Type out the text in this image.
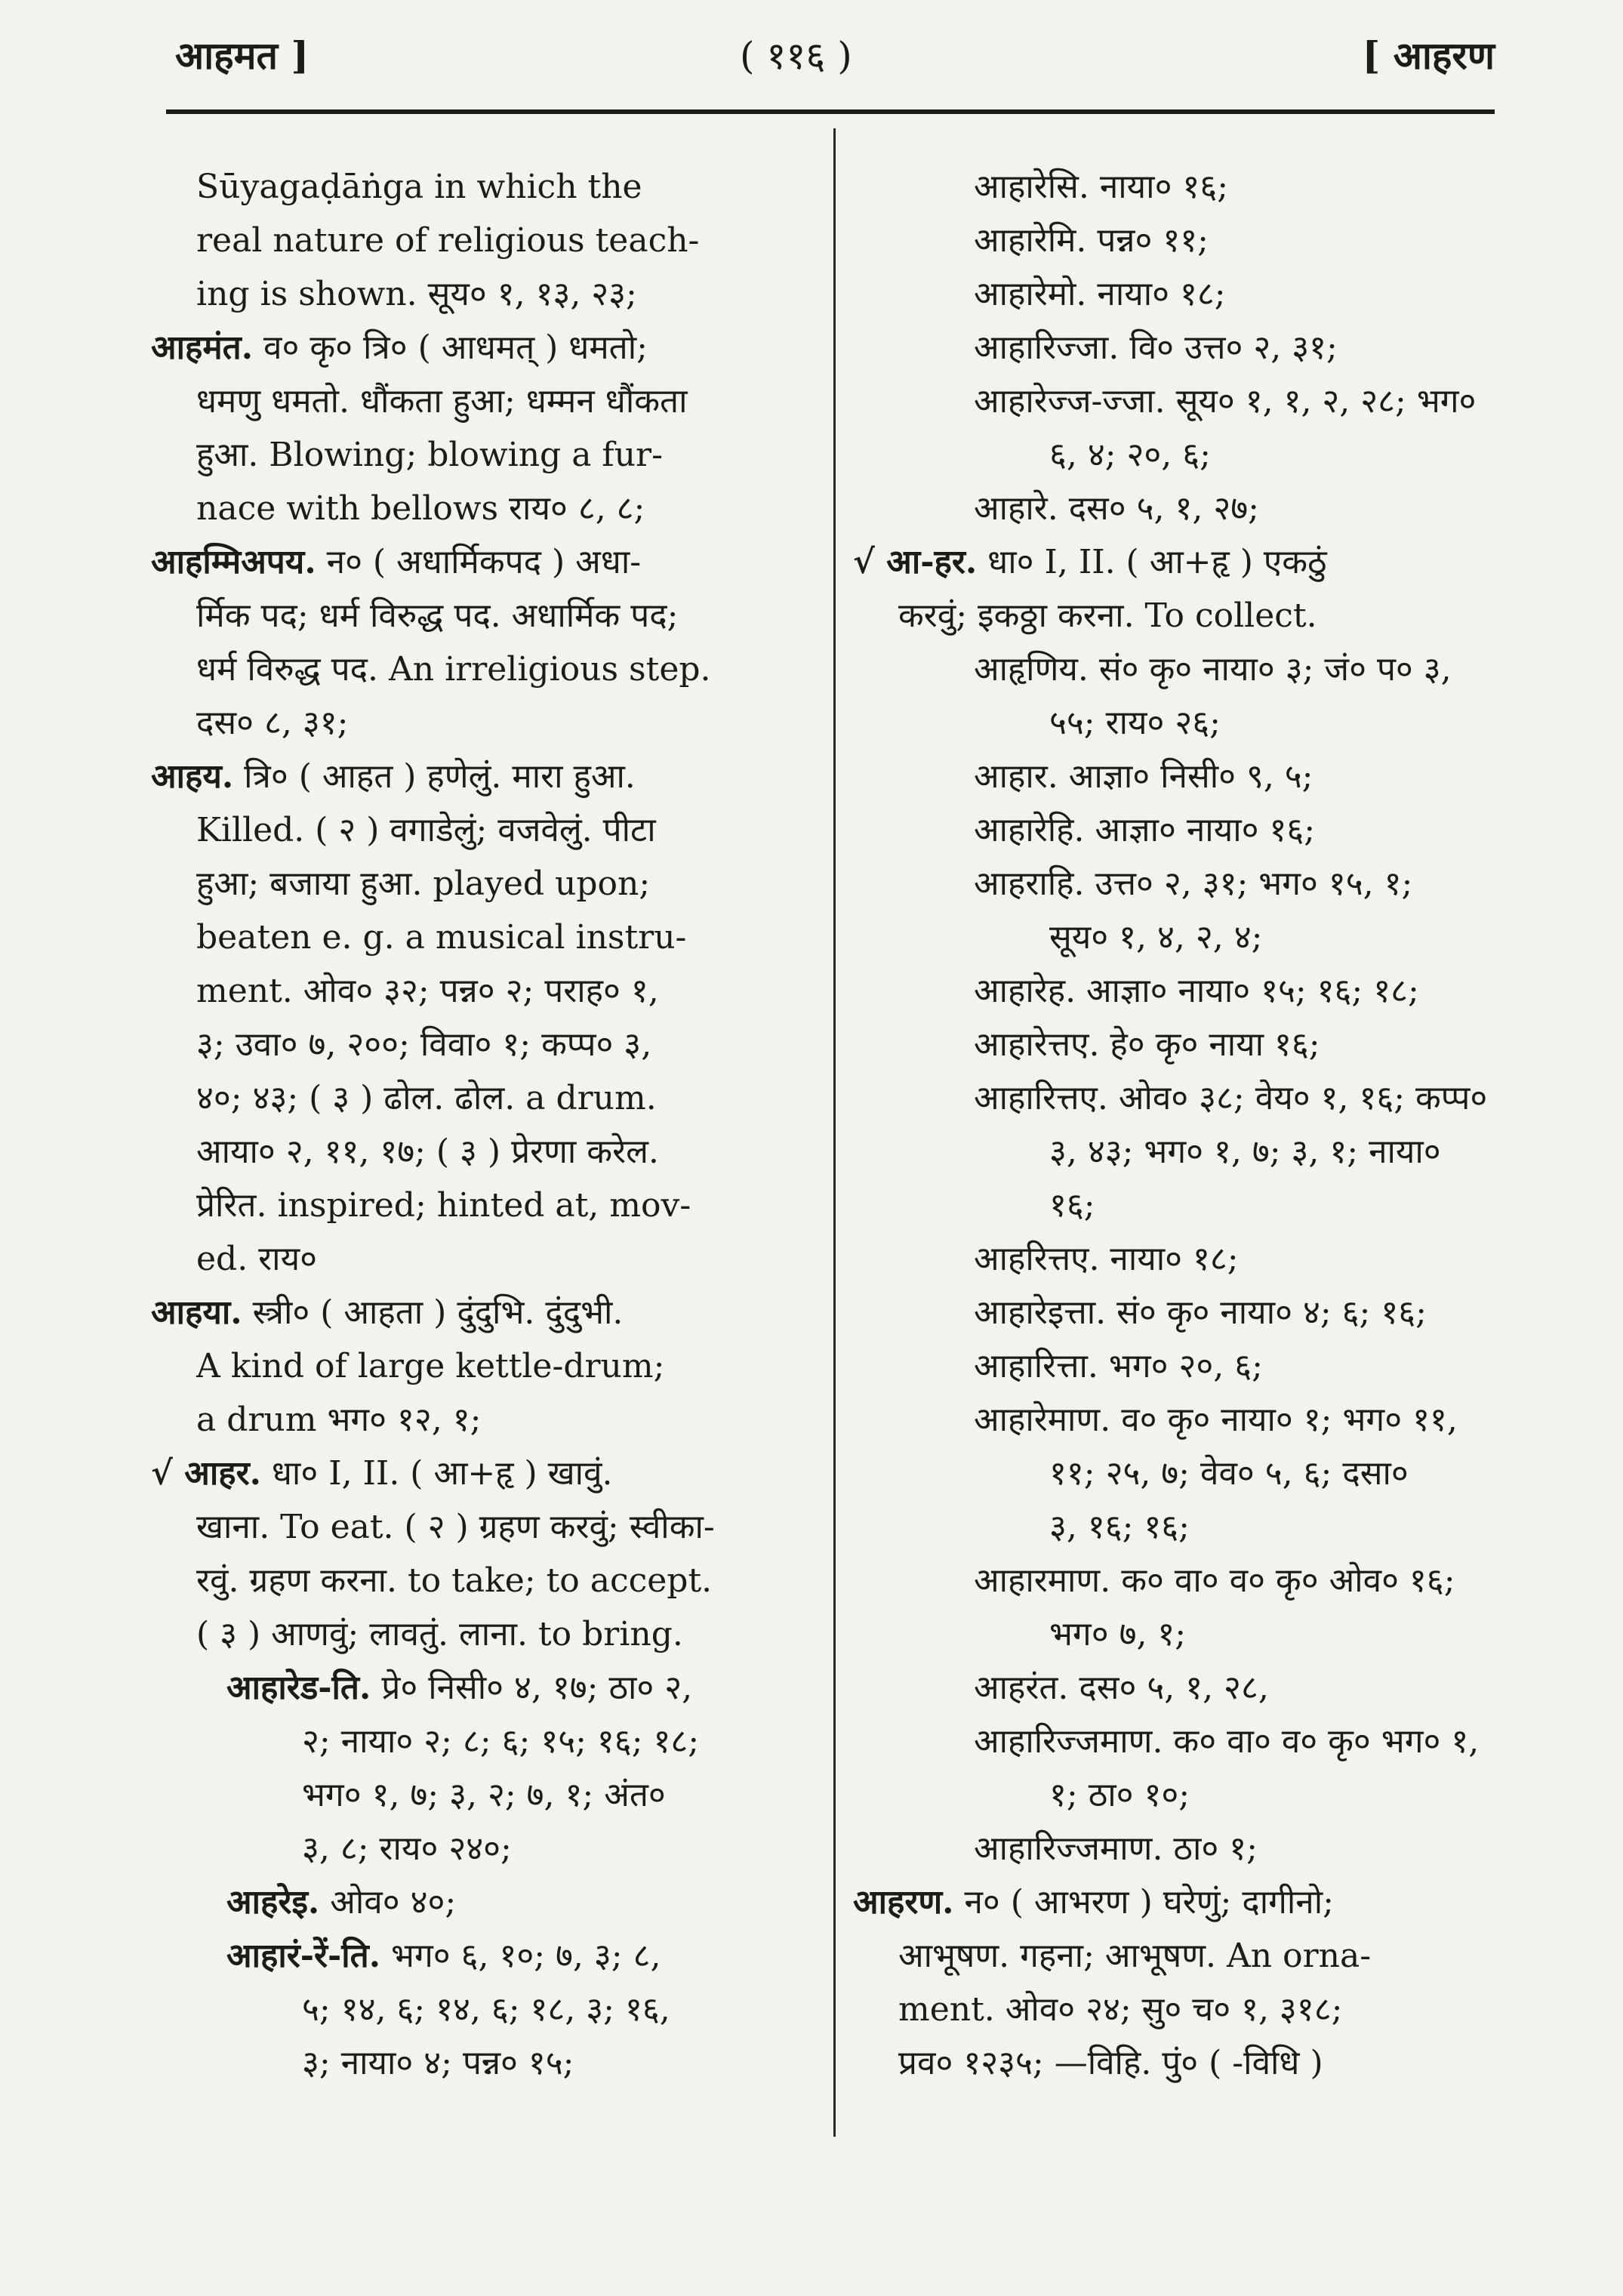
आहमत ]	( ११६ )	[ आहरण
Sūyagaḍāṅga in which the
real nature of religious teach-
ing is shown. सूय० १, १३, २३;
आहमंत. व० कृ० त्रि० ( आधमत् ) धमतो;
धमणु धमतो. धौंकता हुआ; धम्मन धौंकता
हुआ. Blowing; blowing a fur-
nace with bellows राय० ८, ८;
आहम्मिअपय. न० ( अधार्मिकपद ) अधा-
र्मिक पद; धर्म विरुद्ध पद. अधार्मिक पद;
धर्म विरुद्ध पद. An irreligious step.
दस० ८, ३१;
आहय. त्रि० ( आहत ) हणेलुं. मारा हुआ.
Killed. ( २ ) वगाडेलुं; वजवेलुं. पीटा
हुआ; बजाया हुआ. played upon;
beaten e. g. a musical instru-
ment. ओव० ३२; पन्न० २; पराह० १,
३; उवा० ७, २००; विवा० १; कप्प० ३,
४०; ४३; ( ३ ) ढोल. ढोल. a drum.
आया० २, ११, १७; ( ३ ) प्रेरणा करेल.
प्रेरित. inspired; hinted at, mov-
ed. राय०
आहया. स्त्री० ( आहता ) दुंदुभि. दुंदुभी.
A kind of large kettle-drum;
a drum भग० १२, १;
√ आहर. धा० I, II. ( आ+हृ ) खावुं.
खाना. To eat. ( २ ) ग्रहण करवुं; स्वीका-
रवुं. ग्रहण करना. to take; to accept.
( ३ ) आणवुं; लावतुं. लाना. to bring.
आहारेड-ति. प्रे० निसी० ४, १७; ठा० २,
२; नाया० २; ८; ६; १५; १६; १८;
भग० १, ७; ३, २; ७, १; अंत०
३, ८; राय० २४०;
आहरेइ. ओव० ४०;
आहारं-रें-ति. भग० ६, १०; ७, ३; ८,
५; १४, ६; १४, ६; १८, ३; १६,
३; नाया० ४; पन्न० १५;
आहारेसि. नाया० १६;
आहारेमि. पन्न० ११;
आहारेमो. नाया० १८;
आहारिज्जा. वि० उत्त० २, ३१;
आहारेज्ज-ज्जा. सूय० १, १, २, २८; भग०
६, ४; २०, ६;
आहारे. दस० ५, १, २७;
√ आ-हर. धा० I, II. ( आ+हृ ) एकठुं
करवुं; इकठ्ठा करना. To collect.
आहृणिय. सं० कृ० नाया० ३; जं० प० ३,
५५; राय० २६;
आहार. आज्ञा० निसी० ९, ५;
आहारेहि. आज्ञा० नाया० १६;
आहराहि. उत्त० २, ३१; भग० १५, १;
सूय० १, ४, २, ४;
आहारेह. आज्ञा० नाया० १५; १६; १८;
आहारेत्तए. हे० कृ० नाया १६;
आहारित्तए. ओव० ३८; वेय० १, १६; कप्प०
३, ४३; भग० १, ७; ३, १; नाया०
१६;
आहरित्तए. नाया० १८;
आहारेइत्ता. सं० कृ० नाया० ४; ६; १६;
आहारित्ता. भग० २०, ६;
आहारेमाण. व० कृ० नाया० १; भग० ११,
११; २५, ७; वेव० ५, ६; दसा०
३, १६; १६;
आहारमाण. क० वा० व० कृ० ओव० १६;
भग० ७, १;
आहरंत. दस० ५, १, २८,
आहारिज्जमाण. क० वा० व० कृ० भग० १,
१; ठा० १०;
आहारिज्जमाण. ठा० १;
आहरण. न० ( आभरण ) घरेणुं; दागीनो;
आभूषण. गहना; आभूषण. An orna-
ment. ओव० २४; सु० च० १, ३१८;
प्रव० १२३५; —विहि. पुं० ( -विधि )
